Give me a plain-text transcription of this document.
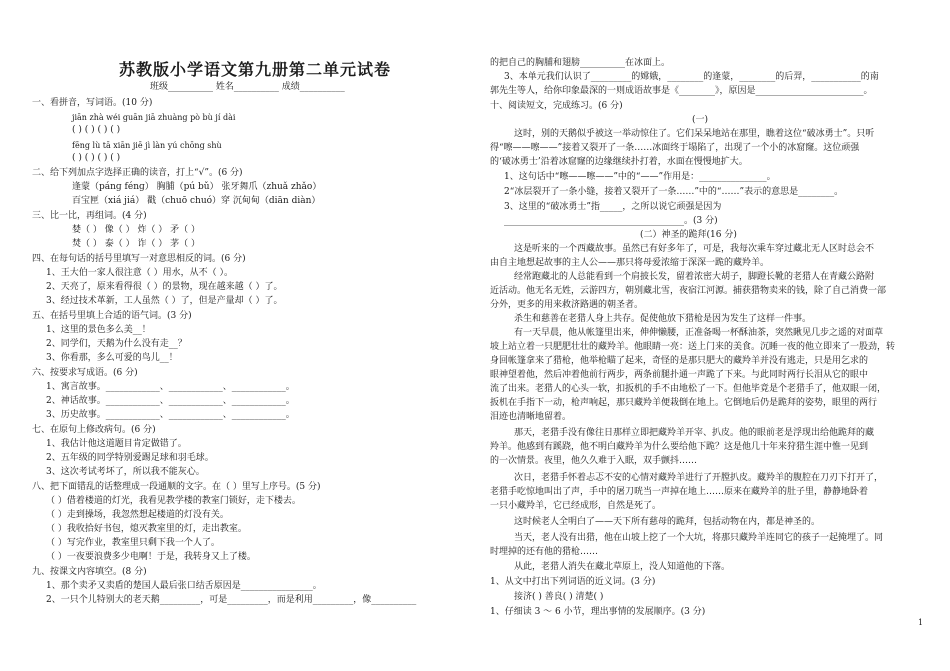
苏教版小学语文第九册第二单元试卷
班级__________ 姓名__________ 成绩__________
一、看拼音，写词语。(10 分)
jiān zhà wéi guān jiā zhuàng pò bù jí dài
( ) ( ) ( ) ( )
fēng lù tā xiān jiē jì làn yú chōng shù
( ) ( ) ( ) ( )
二、给下列加点字选择正确的读音，打上“√”。(6 分)
逢蒙（pánɡ fénɡ） 胸脯（pú bǔ） 张牙舞爪（zhuǎ zhǎo）
百宝匣（xiá jiá） 戳（chuō chuó）穿 沉甸甸（diān diàn）
三、比一比，再组词。(4 分)
婪（ ） 像（ ） 炸（ ） 矛（ ）
焚（ ） 泰（ ） 诈（ ） 茅（ ）
四、在每句话的括号里填写一对意思相反的词。(6 分)
1、王大伯一家人很注意（ ）用水，从不（ ）。
2、天亮了，原来看得很（ ）的景物，现在越来越（ ）了。
3、经过技术革新，工人虽然（ ）了，但是产量却（ ）了。
五、在括号里填上合适的语气词。(3 分)
1、这里的景色多么美__！
2、同学们，天鹅为什么没有走__？
3、你看那，多么可爱的鸟儿__！
六、按要求写成语。(6 分)
1、寓言故事。____________、____________、____________。
2、神话故事。____________、____________、____________。
3、历史故事。____________、____________、____________。
七、在原句上修改病句。(6 分)
1、我估计他这道题目肯定做错了。
2、五年级的同学特别爱踢足球和羽毛球。
3、这次考试考坏了，所以我不能灰心。
八、把下面错乱的话整理成一段通顺的文字。在（ ）里写上序号。(5 分)
（ ）借着楼道的灯光，我看见教学楼的教室门锁好，走下楼去。
（ ）走到操场，我忽然想起楼道的灯没有关。
（ ）我收拾好书包，熄灭教室里的灯，走出教室。
（ ）写完作业，教室里只剩下我一个人了。
（ ）一夜要浪费多少电啊！于是，我转身又上了楼。
九、按课文内容填空。(8 分)
1、那个卖矛又卖盾的楚国人最后张口结舌原因是________________。
2、一只个儿特别大的老天鹅_________，可是_________，而是利用_________，像__________
的把自己的胸脯和翅膀__________在冰面上。
3、本单元我们认识了_________的嫦娥，________的逢蒙，________的后羿，___________的南
郭先生等人，给你印象最深的一则成语故事是《________》，原因是________________________。
十、阅读短文，完成练习。(6 分)
(一)
这时，别的天鹅似乎被这一举动惊住了。它们呆呆地站在那里，瞧着这位“破冰勇士”。只听
得“嚓——嚓——”接着又裂开了一条……冰面终于塌陷了，出现了一个小的冰窟窿。这位顽强
的‘破冰勇士’沿着冰窟窿的边缘继续扑打着，水面在慢慢地扩大。
1、这句话中“嚓——嚓——”中的“——”作用是：_______________。
2“冰层裂开了一条小缝，接着又裂开了一条……”中的“……”表示的意思是________。
3、这里的“破冰勇士”指_____，之所以说它顽强是因为
________________________________________。(3 分)
(二）神圣的跪拜(16 分)
这是听来的一个西藏故事。虽然已有好多年了，可是，我每次乘车穿过藏北无人区时总会不
由自主地想起故事的主人公——那只将母爱浓缩于深深一跪的藏羚羊。
经常跑藏北的人总能看到一个肩披长发，留着浓密大胡子，脚蹬长靴的老猎人在青藏公路附
近活动。他无名无姓，云游四方，朝别藏北雪，夜宿江河源。捕获猎物卖来的钱，除了自己消费一部
分外，更多的用来救济路遇的朝圣者。
杀生和慈善在老猎人身上共存。促使他放下猎枪是因为发生了这样一件事。
有一天早晨，他从帐篷里出来，伸伸懒腰，正准备喝一杯酥油茶，突然瞅见几步之遥的对面草
坡上站立着一只肥肥壮壮的藏羚羊。他眼睛一亮：送上门来的美食。沉睡一夜的他立即来了一股劲，转
身回帐篷拿来了猎枪，他举枪瞄了起来，奇怪的是那只肥大的藏羚羊并没有逃走，只是用乞求的
眼神望着他，然后冲着他前行两步，两条前腿扑通一声跪了下来。与此同时两行长泪从它的眼中
流了出来。老猎人的心头一软，扣扳机的手不由地松了一下。但他毕竟是个老猎手了，他双眼一闭，
扳机在手指下一动，枪声响起，那只藏羚羊便栽倒在地上。它倒地后仍是跪拜的姿势，眼里的两行
泪迹也清晰地留着。
那天，老猎手没有像往日那样立即把藏羚羊开宰、扒皮。他的眼前老是浮现出给他跪拜的藏
羚羊。他感到有蹊跷，他不明白藏羚羊为什么要给他下跪？这是他几十年来狩猎生涯中惟一见到
的一次情景。夜里，他久久难于入眠，双手颤抖……
次日，老猎手怀着忐忑不安的心情对藏羚羊进行了开膛扒皮。藏羚羊的腹腔在刀刃下打开了，
老猎手吃惊地叫出了声，手中的屠刀咣当一声掉在地上……原来在藏羚羊的肚子里，静静地卧着
一只小藏羚羊，它已经成形，自然是死了。
这时候老人全明白了——天下所有慈母的跪拜，包括动物在内，都是神圣的。
当天，老人没有出猎，他在山坡上挖了一个大坑，将那只藏羚羊连同它的孩子一起掩埋了。同
时埋掉的还有他的猎枪……
从此，老猎人消失在藏北草原上，没人知道他的下落。
1、从文中打出下列词语的近义词。(3 分)
接济( ) 善良( ) 清楚( )
1、仔细读 3 ～ 6 小节，理出事情的发展顺序。(3 分)
1
